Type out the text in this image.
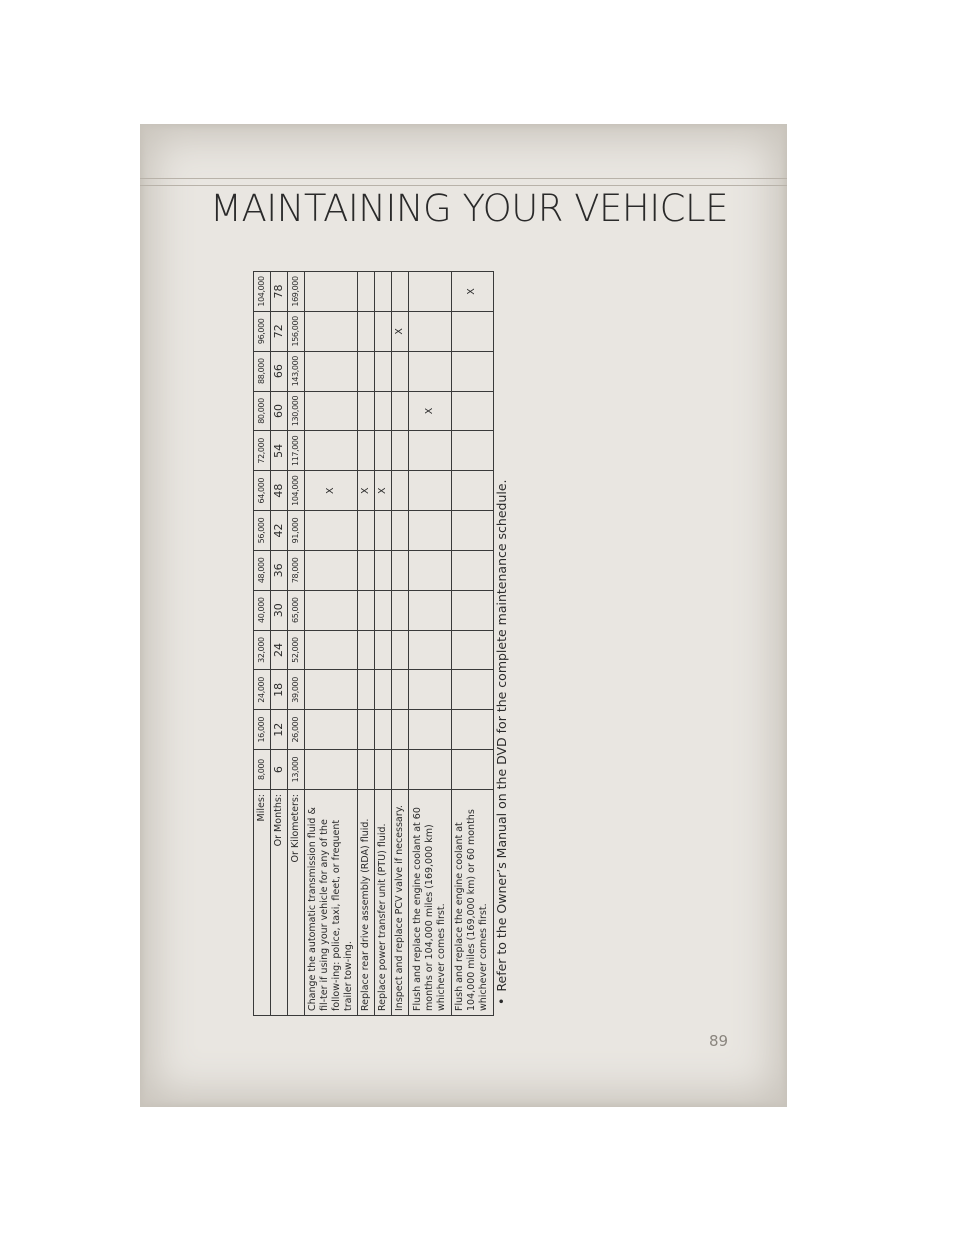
MAINTAINING YOUR VEHICLE
Miles:	8,000	16,000	24,000	32,000	40,000	48,000	56,000	64,000	72,000	80,000	88,000	96,000	104,000
Or Months:	6	12	18	24	30	36	42	48	54	60	66	72	78
Or Kilometers:	13,000	26,000	39,000	52,000	65,000	78,000	91,000	104,000	117,000	130,000	143,000	156,000	169,000
Change the automatic transmission fluid & fil-ter if using your vehicle for any of the follow-ing: police, taxi, fleet, or frequent trailer tow-ing.								X					
Replace rear drive assembly (RDA) fluid.								X					
Replace power transfer unit (PTU) fluid.								X					
Inspect and replace PCV valve if necessary.												X	
Flush and replace the engine coolant at 60 months or 104,000 miles (169,000 km) whichever comes first.										X			
Flush and replace the engine coolant at 104,000 miles (169,000 km) or 60 months whichever comes first.													X
•Refer to the Owner’s Manual on the DVD for the complete maintenance schedule.
89
